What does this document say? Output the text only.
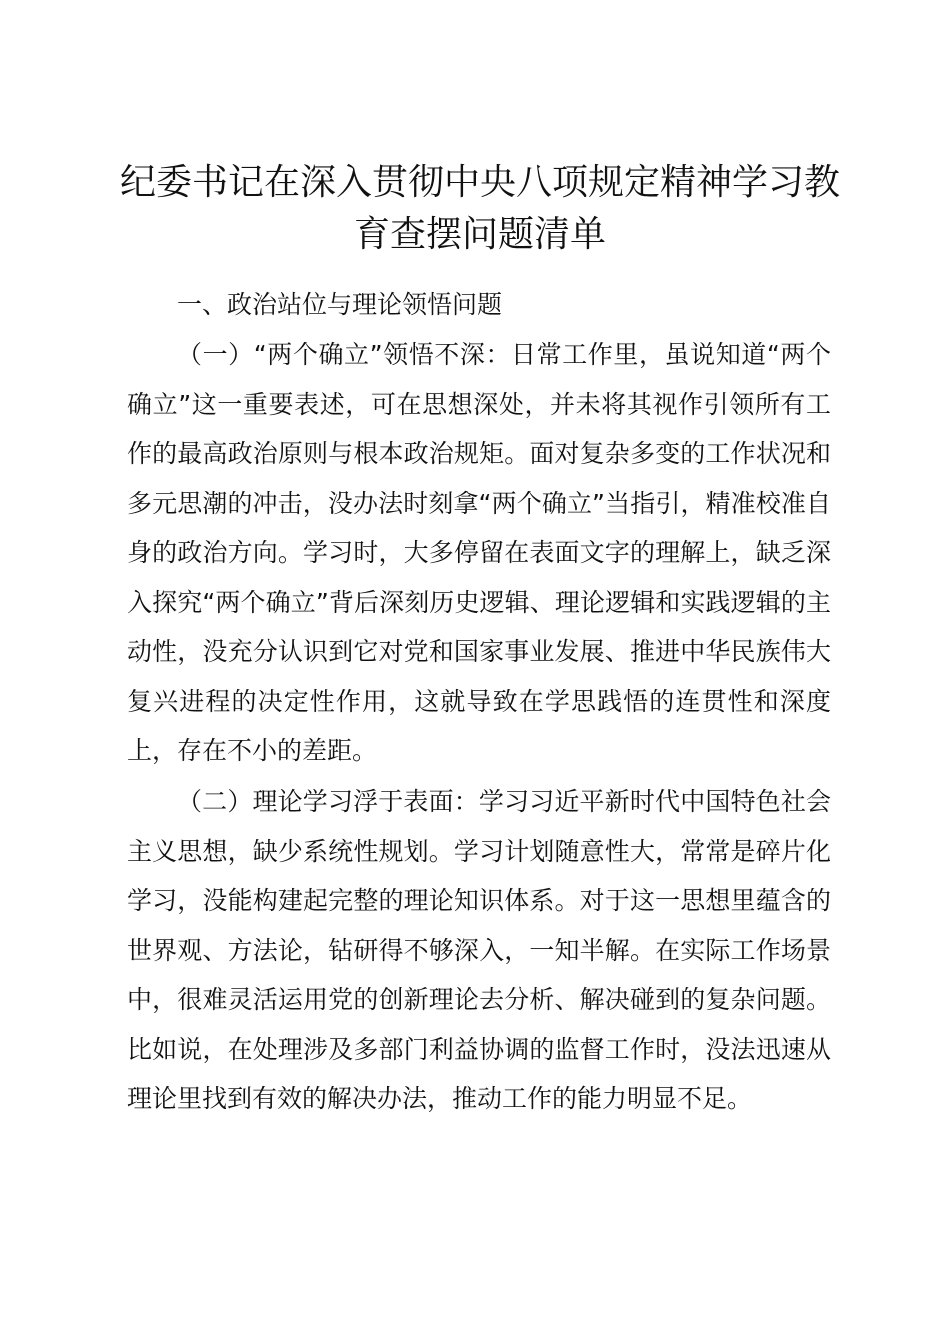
纪委书记在深入贯彻中央八项规定精神学习教育查摆问题清单

一、政治站位与理论领悟问题

（一）“两个确立”领悟不深：日常工作里，虽说知道“两个确立”这一重要表述，可在思想深处，并未将其视作引领所有工作的最高政治原则与根本政治规矩。面对复杂多变的工作状况和多元思潮的冲击，没办法时刻拿“两个确立”当指引，精准校准自身的政治方向。学习时，大多停留在表面文字的理解上，缺乏深入探究“两个确立”背后深刻历史逻辑、理论逻辑和实践逻辑的主动性，没充分认识到它对党和国家事业发展、推进中华民族伟大复兴进程的决定性作用，这就导致在学思践悟的连贯性和深度上，存在不小的差距。

（二）理论学习浮于表面：学习习近平新时代中国特色社会主义思想，缺少系统性规划。学习计划随意性大，常常是碎片化学习，没能构建起完整的理论知识体系。对于这一思想里蕴含的世界观、方法论，钻研得不够深入，一知半解。在实际工作场景中，很难灵活运用党的创新理论去分析、解决碰到的复杂问题。比如说，在处理涉及多部门利益协调的监督工作时，没法迅速从理论里找到有效的解决办法，推动工作的能力明显不足。
